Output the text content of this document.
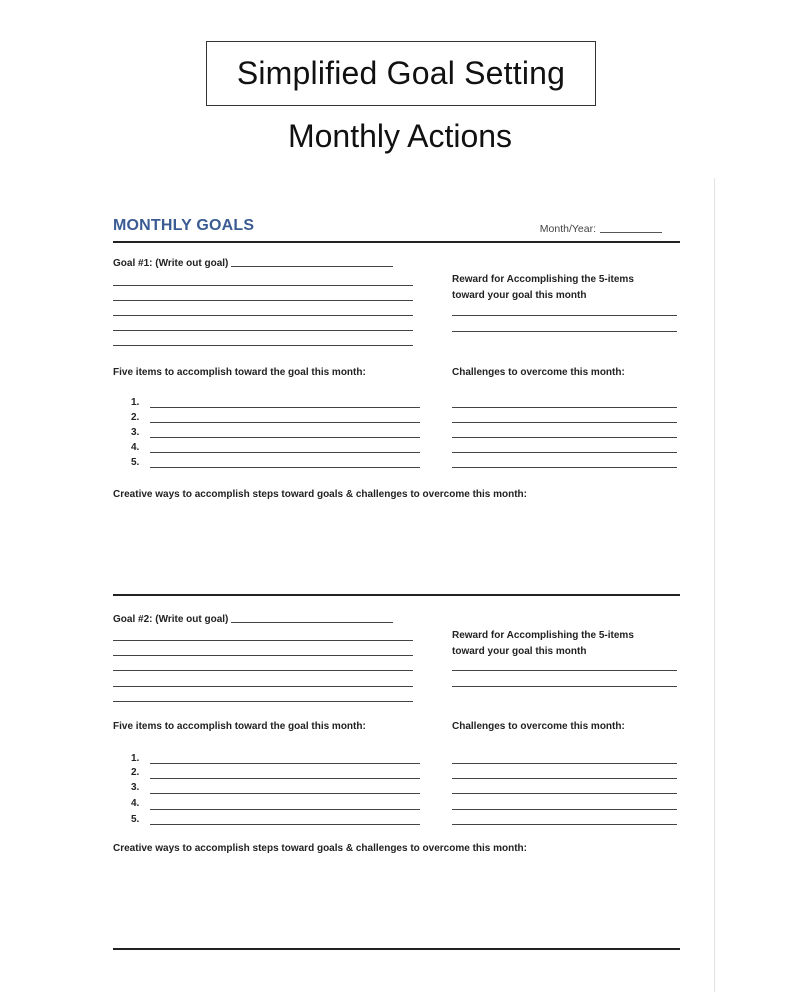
Simplified Goal Setting
Monthly Actions
MONTHLY GOALS	Month/Year:
Goal #1: (Write out goal)
Reward for Accomplishing the 5-items
toward your goal this month
Five items to accomplish toward the goal this month:	Challenges to overcome this month:
1.
2.
3.
4.
5.
Creative ways to accomplish steps toward goals & challenges to overcome this month:
Goal #2: (Write out goal)
Reward for Accomplishing the 5-items
toward your goal this month
Five items to accomplish toward the goal this month:	Challenges to overcome this month:
1.
2.
3.
4.
5.
Creative ways to accomplish steps toward goals & challenges to overcome this month:
